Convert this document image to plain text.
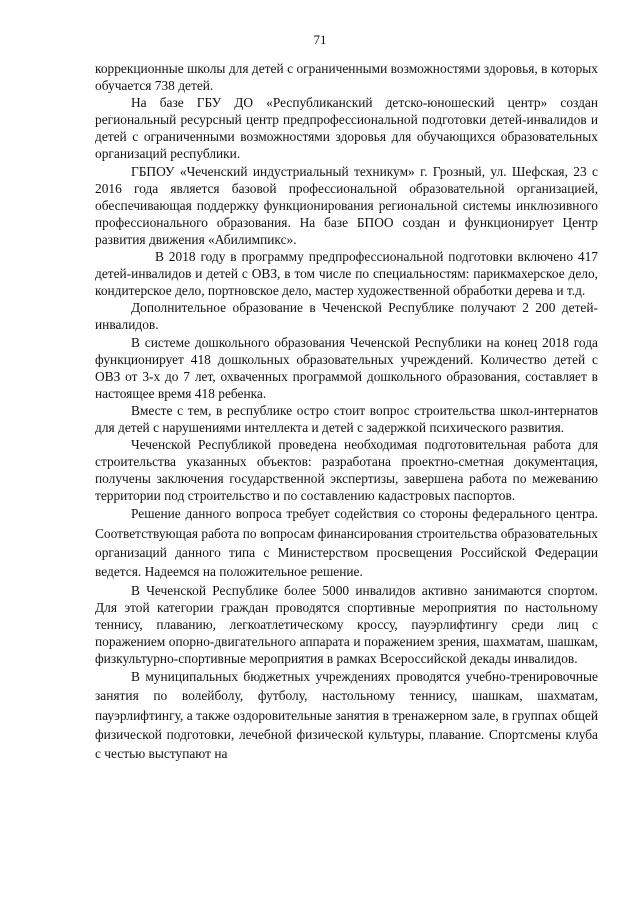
71

коррекционные школы для детей с ограниченными возможностями здоровья, в которых обучается 738 детей.

На базе ГБУ ДО «Республиканский детско-юношеский центр» создан региональный ресурсный центр предпрофессиональной подготовки детей-инвалидов и детей с ограниченными возможностями здоровья для обучающихся образовательных организаций республики.

ГБПОУ «Чеченский индустриальный техникум» г. Грозный, ул. Шефская, 23 с 2016 года является базовой профессиональной образовательной организацией, обеспечивающая поддержку функционирования региональной системы инклюзивного профессионального образования. На базе БПОО создан и функционирует Центр развития движения «Абилимпикс».

В 2018 году в программу предпрофессиональной подготовки включено 417 детей-инвалидов и детей с ОВЗ, в том числе по специальностям: парикмахерское дело, кондитерское дело, портновское дело, мастер художественной обработки дерева и т.д.

Дополнительное образование в Чеченской Республике получают 2 200 детей-инвалидов.

В системе дошкольного образования Чеченской Республики на конец 2018 года функционирует 418 дошкольных образовательных учреждений. Количество детей с ОВЗ от 3-х до 7 лет, охваченных программой дошкольного образования, составляет в настоящее время 418 ребенка.

Вместе с тем, в республике остро стоит вопрос строительства школ-интернатов для детей с нарушениями интеллекта и детей с задержкой психического развития.

Чеченской Республикой проведена необходимая подготовительная работа для строительства указанных объектов: разработана проектно-сметная документация, получены заключения государственной экспертизы, завершена работа по межеванию территории под строительство и по составлению кадастровых паспортов.

Решение данного вопроса требует содействия со стороны федерального центра. Соответствующая работа по вопросам финансирования строительства образовательных организаций данного типа с Министерством просвещения Российской Федерации ведется. Надеемся на положительное решение.

В Чеченской Республике более 5000 инвалидов активно занимаются спортом. Для этой категории граждан проводятся спортивные мероприятия по настольному теннису, плаванию, легкоатлетическому кроссу, пауэрлифтингу среди лиц с поражением опорно-двигательного аппарата и поражением зрения, шахматам, шашкам, физкультурно-спортивные мероприятия в рамках Всероссийской декады инвалидов.

В муниципальных бюджетных учреждениях проводятся учебно-тренировочные занятия по волейболу, футболу, настольному теннису, шашкам, шахматам, пауэрлифтингу, а также оздоровительные занятия в тренажерном зале, в группах общей физической подготовки, лечебной физической культуры, плавание. Спортсмены клуба с честью выступают на
